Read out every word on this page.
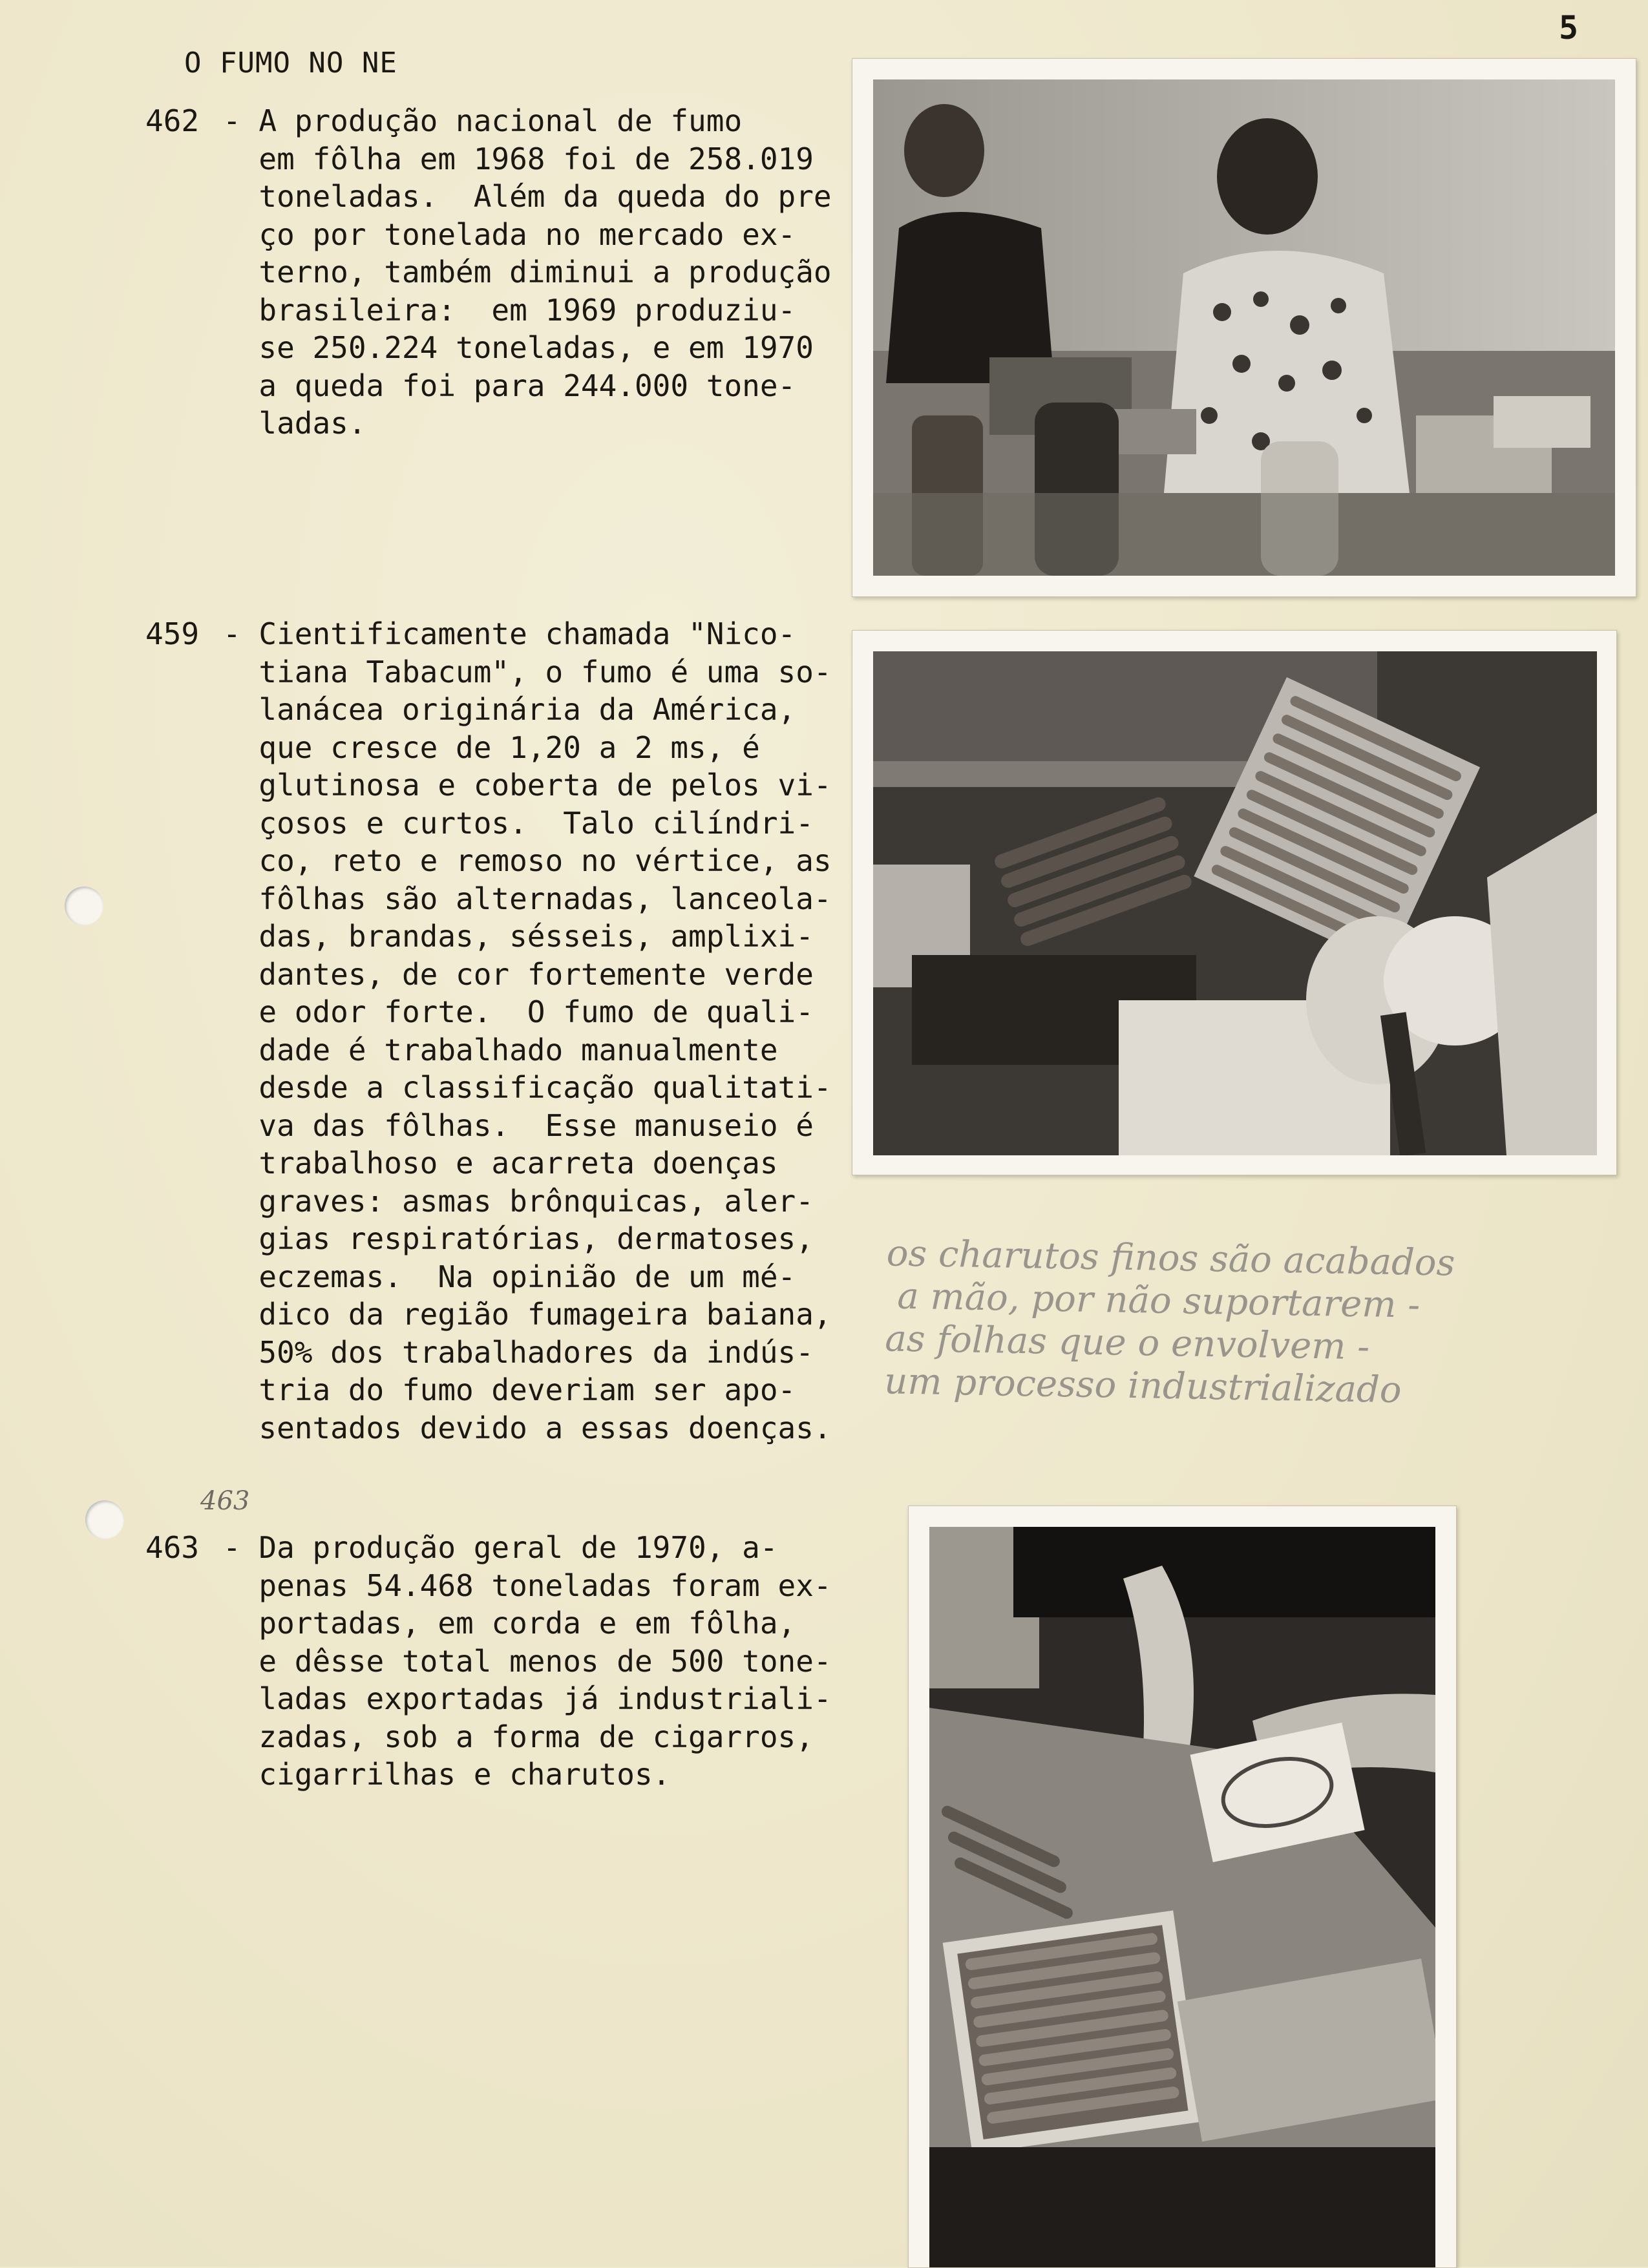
5
O FUMO NO NE

462

- A produção nacional de fumo
em fôlha em 1968 foi de 258.019
toneladas.  Além da queda do pre
ço por tonelada no mercado ex-
terno, também diminui a produção
brasileira:  em 1969 produziu-
se 250.224 toneladas, e em 1970
a queda foi para 244.000 tone-
ladas.

459

- Cientificamente chamada "Nico-
tiana Tabacum", o fumo é uma so-
lanácea originária da América,
que cresce de 1,20 a 2 ms, é
glutinosa e coberta de pelos vi-
çosos e curtos.  Talo cilíndri-
co, reto e remoso no vértice, as
fôlhas são alternadas, lanceola-
das, brandas, sésseis, amplixi-
dantes, de cor fortemente verde
e odor forte.  O fumo de quali-
dade é trabalhado manualmente
desde a classificação qualitati-
va das fôlhas.  Esse manuseio é
trabalhoso e acarreta doenças
graves: asmas brônquicas, aler-
gias respiratórias, dermatoses,
eczemas.  Na opinião de um mé-
dico da região fumageira baiana,
50% dos trabalhadores da indús-
tria do fumo deveriam ser apo-
sentados devido a essas doenças.

463

463

- Da produção geral de 1970, a-
penas 54.468 toneladas foram ex-
portadas, em corda e em fôlha,
e dêsse total menos de 500 tone-
ladas exportadas já industriali-
zadas, sob a forma de cigarros,
cigarrilhas e charutos.

os charutos finos são acabados
a mão, por não suportarem -
as folhas que o envolvem -
um processo industrializado
